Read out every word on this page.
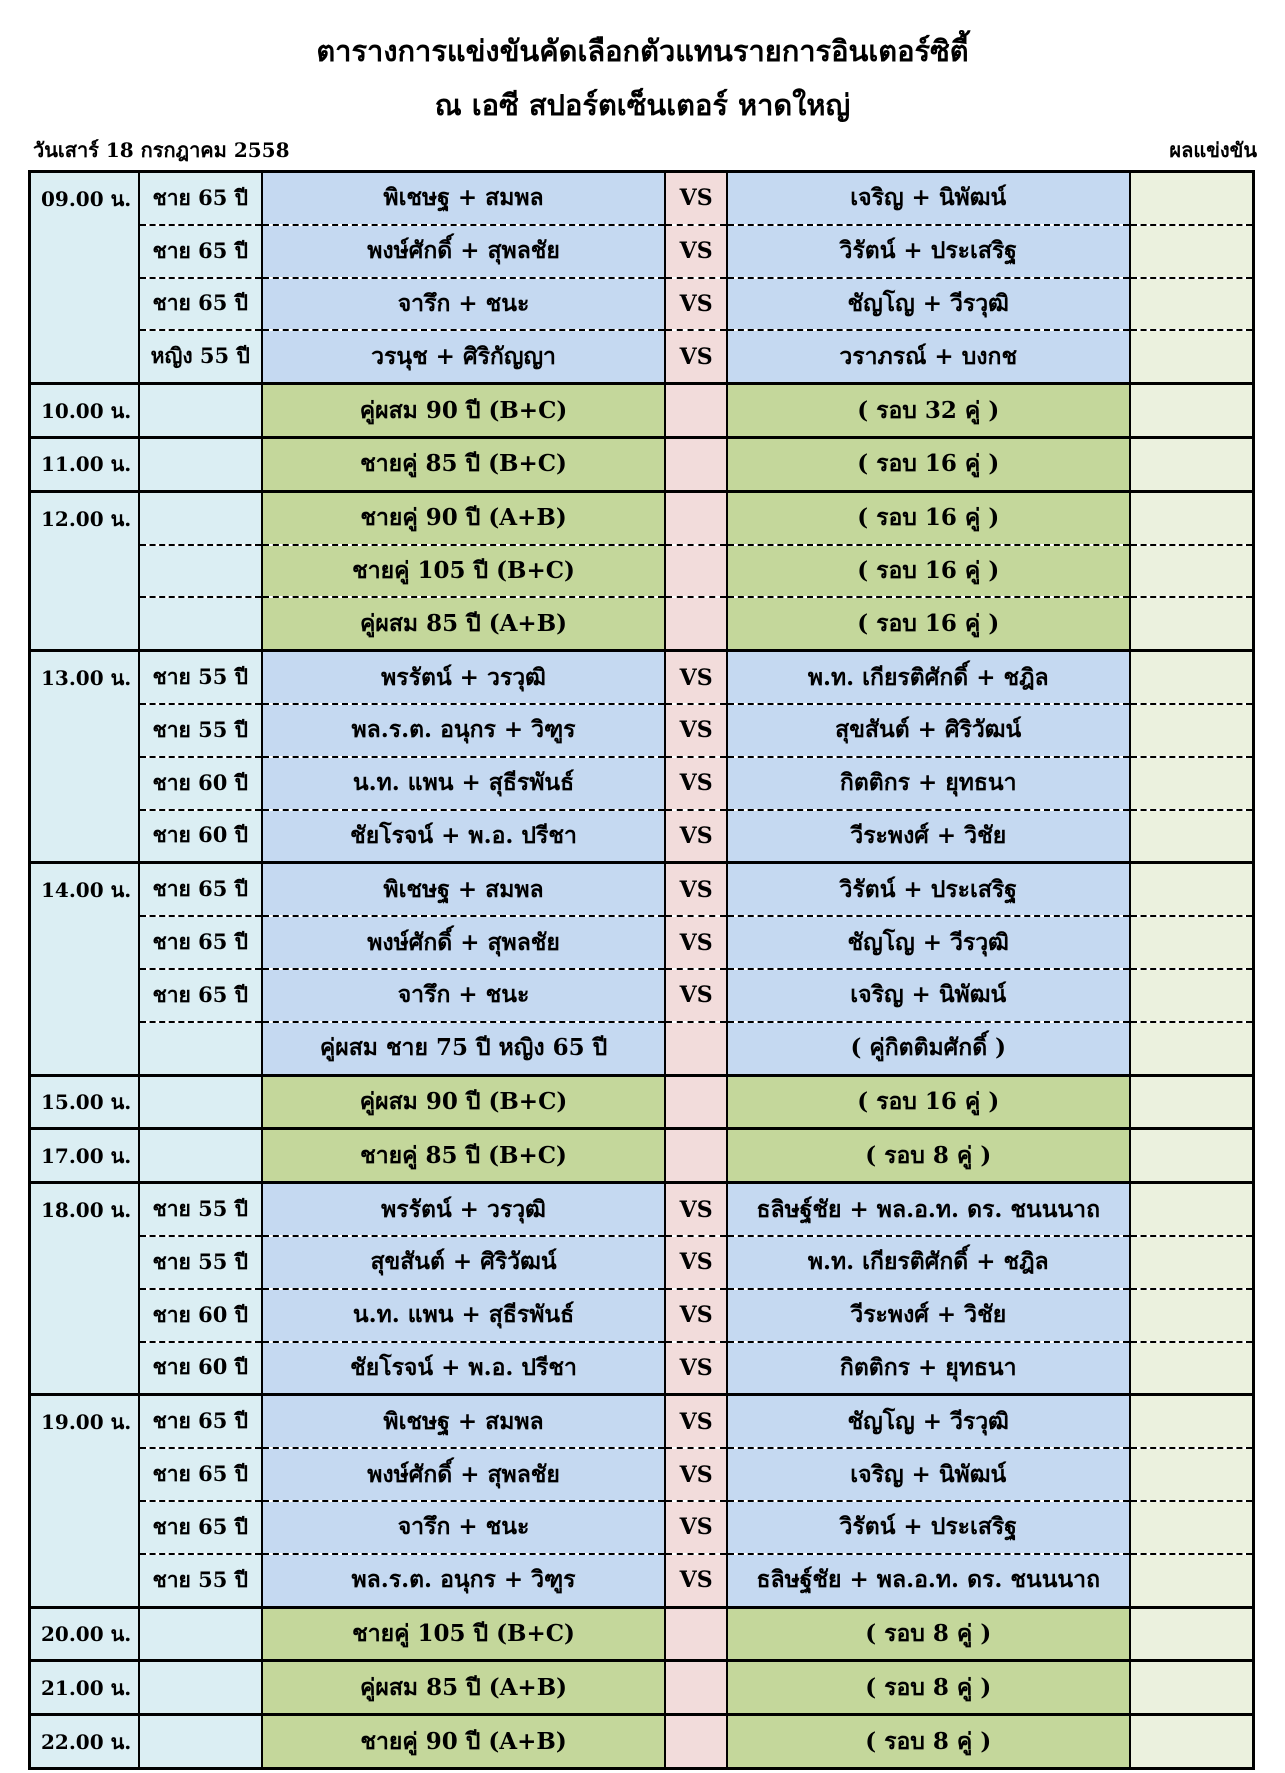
ตารางการแข่งขันคัดเลือกตัวแทนรายการอินเตอร์ซิตี้
ณ เอซี สปอร์ตเซ็นเตอร์ หาดใหญ่
วันเสาร์ 18 กรกฎาคม 2558	ผลแข่งขัน
09.00 น.	ชาย 65 ปี	พิเชษฐ + สมพล	VS	เจริญ + นิพัฒน์	
	ชาย 65 ปี	พงษ์ศักดิ์ + สุพลชัย	VS	วิรัตน์ + ประเสริฐ	
	ชาย 65 ปี	จารึก + ชนะ	VS	ชัญโญ + วีรวุฒิ	
	หญิง 55 ปี	วรนุช + ศิริกัญญา	VS	วราภรณ์ + บงกช	
10.00 น.		คู่ผสม 90 ปี (B+C)		( รอบ 32 คู่ )	
11.00 น.		ชายคู่ 85 ปี (B+C)		( รอบ 16 คู่ )	
12.00 น.		ชายคู่ 90 ปี (A+B)		( รอบ 16 คู่ )	
		ชายคู่ 105 ปี (B+C)		( รอบ 16 คู่ )	
		คู่ผสม 85 ปี (A+B)		( รอบ 16 คู่ )	
13.00 น.	ชาย 55 ปี	พรรัตน์ + วรวุฒิ	VS	พ.ท. เกียรติศักดิ์ + ชฎิล	
	ชาย 55 ปี	พล.ร.ต. อนุกร + วิฑูร	VS	สุขสันต์ + ศิริวัฒน์	
	ชาย 60 ปี	น.ท. แพน + สุธีรพันธ์	VS	กิตติกร + ยุทธนา	
	ชาย 60 ปี	ชัยโรจน์ + พ.อ. ปรีชา	VS	วีระพงศ์ + วิชัย	
14.00 น.	ชาย 65 ปี	พิเชษฐ + สมพล	VS	วิรัตน์ + ประเสริฐ	
	ชาย 65 ปี	พงษ์ศักดิ์ + สุพลชัย	VS	ชัญโญ + วีรวุฒิ	
	ชาย 65 ปี	จารึก + ชนะ	VS	เจริญ + นิพัฒน์	
		คู่ผสม ชาย 75 ปี หญิง 65 ปี		( คู่กิตติมศักดิ์ )	
15.00 น.		คู่ผสม 90 ปี (B+C)		( รอบ 16 คู่ )	
17.00 น.		ชายคู่ 85 ปี (B+C)		( รอบ 8 คู่ )	
18.00 น.	ชาย 55 ปี	พรรัตน์ + วรวุฒิ	VS	ธลิษฐ์ชัย + พล.อ.ท. ดร. ชนนนาถ	
	ชาย 55 ปี	สุขสันต์ + ศิริวัฒน์	VS	พ.ท. เกียรติศักดิ์ + ชฎิล	
	ชาย 60 ปี	น.ท. แพน + สุธีรพันธ์	VS	วีระพงศ์ + วิชัย	
	ชาย 60 ปี	ชัยโรจน์ + พ.อ. ปรีชา	VS	กิตติกร + ยุทธนา	
19.00 น.	ชาย 65 ปี	พิเชษฐ + สมพล	VS	ชัญโญ + วีรวุฒิ	
	ชาย 65 ปี	พงษ์ศักดิ์ + สุพลชัย	VS	เจริญ + นิพัฒน์	
	ชาย 65 ปี	จารึก + ชนะ	VS	วิรัตน์ + ประเสริฐ	
	ชาย 55 ปี	พล.ร.ต. อนุกร + วิฑูร	VS	ธลิษฐ์ชัย + พล.อ.ท. ดร. ชนนนาถ	
20.00 น.		ชายคู่ 105 ปี (B+C)		( รอบ 8 คู่ )	
21.00 น.		คู่ผสม 85 ปี (A+B)		( รอบ 8 คู่ )	
22.00 น.		ชายคู่ 90 ปี (A+B)		( รอบ 8 คู่ )	
